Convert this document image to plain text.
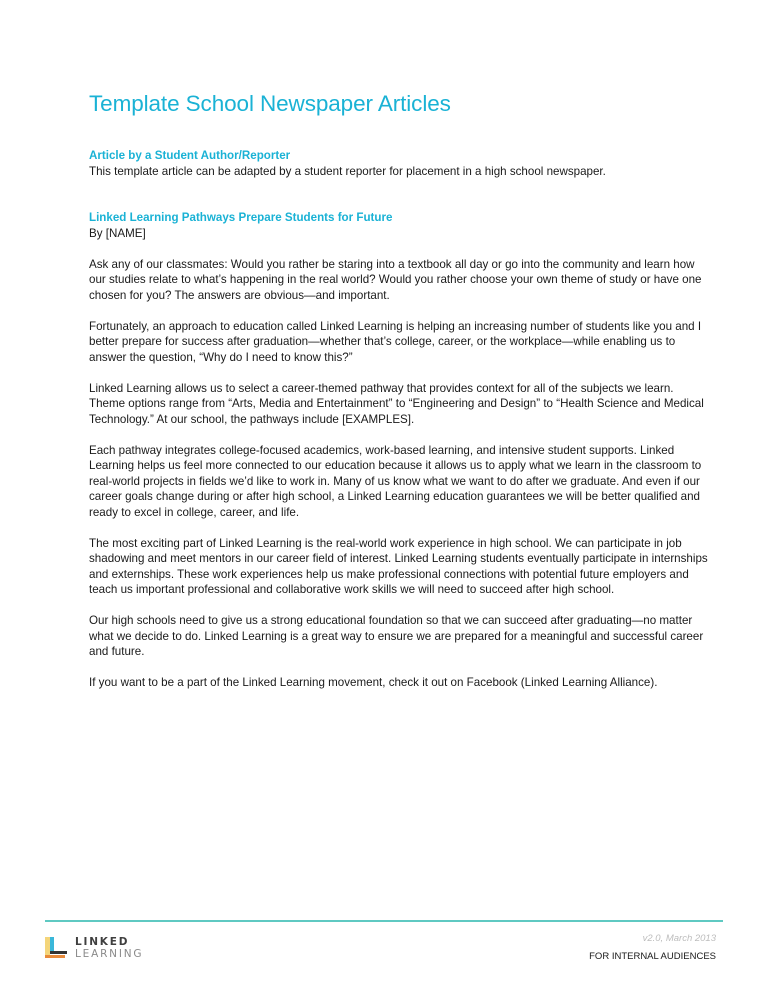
Template School Newspaper Articles

Article by a Student Author/Reporter

This template article can be adapted by a student reporter for placement in a high school newspaper.

Linked Learning Pathways Prepare Students for Future

By [NAME]

Ask any of our classmates: Would you rather be staring into a textbook all day or go into the community and learn how our studies relate to what’s happening in the real world? Would you rather choose your own theme of study or have one chosen for you? The answers are obvious—and important.

Fortunately, an approach to education called Linked Learning is helping an increasing number of students like you and I better prepare for success after graduation—whether that’s college, career, or the workplace—while enabling us to answer the question, “Why do I need to know this?”

Linked Learning allows us to select a career-themed pathway that provides context for all of the subjects we learn. Theme options range from “Arts, Media and Entertainment” to “Engineering and Design” to “Health Science and Medical Technology.” At our school, the pathways include [EXAMPLES].

Each pathway integrates college-focused academics, work-based learning, and intensive student supports. Linked Learning helps us feel more connected to our education because it allows us to apply what we learn in the classroom to real-world projects in fields we’d like to work in. Many of us know what we want to do after we graduate. And even if our career goals change during or after high school, a Linked Learning education guarantees we will be better qualified and ready to excel in college, career, and life.

The most exciting part of Linked Learning is the real-world work experience in high school. We can participate in job shadowing and meet mentors in our career field of interest. Linked Learning students eventually participate in internships and externships. These work experiences help us make professional connections with potential future employers and teach us important professional and collaborative work skills we will need to succeed after high school.

Our high schools need to give us a strong educational foundation so that we can succeed after graduating—no matter what we decide to do. Linked Learning is a great way to ensure we are prepared for a meaningful and successful career and future.

If you want to be a part of the Linked Learning movement, check it out on Facebook (Linked Learning Alliance).

LINKED
LEARNING
v2.0, March 2013
FOR INTERNAL AUDIENCES
